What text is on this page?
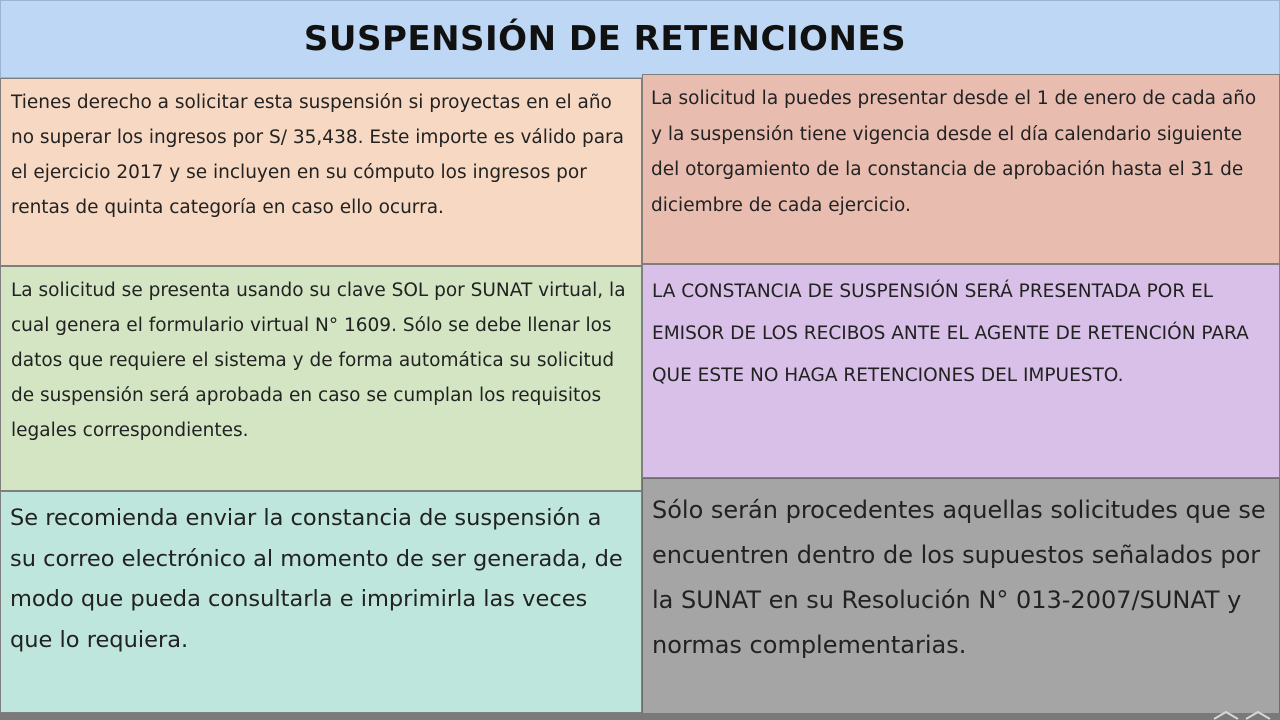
SUSPENSIÓN DE RETENCIONES

Tienes derecho a solicitar esta suspensión si proyectas en el año no superar los ingresos por S/ 35,438. Este importe es válido para el ejercicio 2017 y se incluyen en su cómputo los ingresos por rentas de quinta categoría en caso ello ocurra.

La solicitud la puedes presentar desde el 1 de enero de cada año y la suspensión tiene vigencia desde el día calendario siguiente del otorgamiento de la constancia de aprobación hasta el 31 de diciembre de cada ejercicio.

La solicitud se presenta usando su clave SOL por SUNAT virtual, la cual genera el formulario virtual N° 1609. Sólo se debe llenar los datos que requiere el sistema y de forma automática su solicitud de suspensión será aprobada en caso se cumplan los requisitos legales correspondientes.

LA CONSTANCIA DE SUSPENSIÓN SERÁ PRESENTADA POR EL EMISOR DE LOS RECIBOS ANTE EL AGENTE DE RETENCIÓN PARA QUE ESTE NO HAGA RETENCIONES DEL IMPUESTO.

Se recomienda enviar la constancia de suspensión a su correo electrónico al momento de ser generada, de modo que pueda consultarla e imprimirla las veces que lo requiera.

Sólo serán procedentes aquellas solicitudes que se encuentren dentro de los supuestos señalados por la SUNAT en su Resolución N° 013-2007/SUNAT y normas complementarias.
